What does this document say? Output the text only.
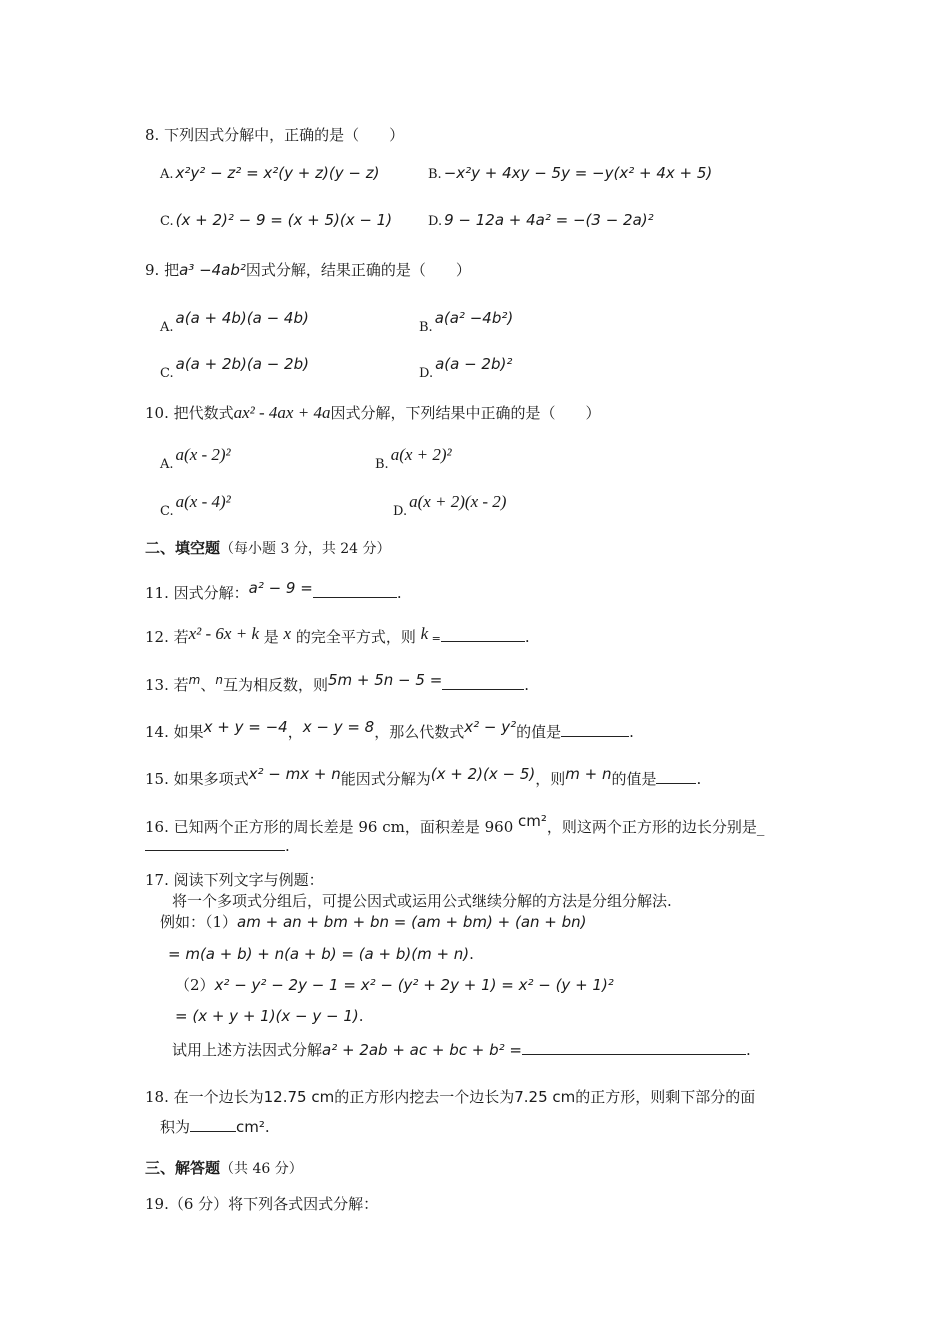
8. 下列因式分解中，正确的是（　　）
A. x²y² − z² = x²(y + z)(y − z)	B. −x²y + 4xy − 5y = −y(x² + 4x + 5)
C. (x + 2)² − 9 = (x + 5)(x − 1)	D. 9 − 12a + 4a² = −(3 − 2a)²
9. 把a³ −4ab²因式分解，结果正确的是（　　）
A.a(a + 4b)(a − 4b)
B.a(a² −4b²)
C.a(a + 2b)(a − 2b)
D.a(a − 2b)²
10. 把代数式ax² - 4ax + 4a因式分解，下列结果中正确的是（　　）
A.a(x - 2)²
B.a(x + 2)²
C.a(x - 4)²
D.a(x + 2)(x - 2)
二、填空题（每小题 3 分，共 24 分）
11. 因式分解：a² − 9 =	.
12. 若x² - 6x + k 是 x 的完全平方式，则 k =	.
13. 若$^m$、$^n$互为相反数，则5m + 5n − 5 =	.
14. 如果x + y = −4，x − y = 8，那么代数式x² − y²的值是	.
15. 如果多项式x² − mx + n能因式分解为(x + 2)(x − 5)，则m + n的值是	.
16. 已知两个正方形的周长差是 96 cm，面积差是 960 cm²，则这两个正方形的边长分别是_
.
17. 阅读下列文字与例题：
将一个多项式分组后，可提公因式或运用公式继续分解的方法是分组分解法.
例如：（1）am + an + bm + bn = (am + bm) + (an + bn)
= m(a + b) + n(a + b) = (a + b)(m + n).
（2）x² − y² − 2y − 1 = x² − (y² + 2y + 1) = x² − (y + 1)²
= (x + y + 1)(x − y − 1).
试用上述方法因式分解a² + 2ab + ac + bc + b² =	.
18. 在一个边长为12.75 cm的正方形内挖去一个边长为7.25 cm的正方形，则剩下部分的面
积为	cm².
三、解答题（共 46 分）
19.（6 分）将下列各式因式分解：
